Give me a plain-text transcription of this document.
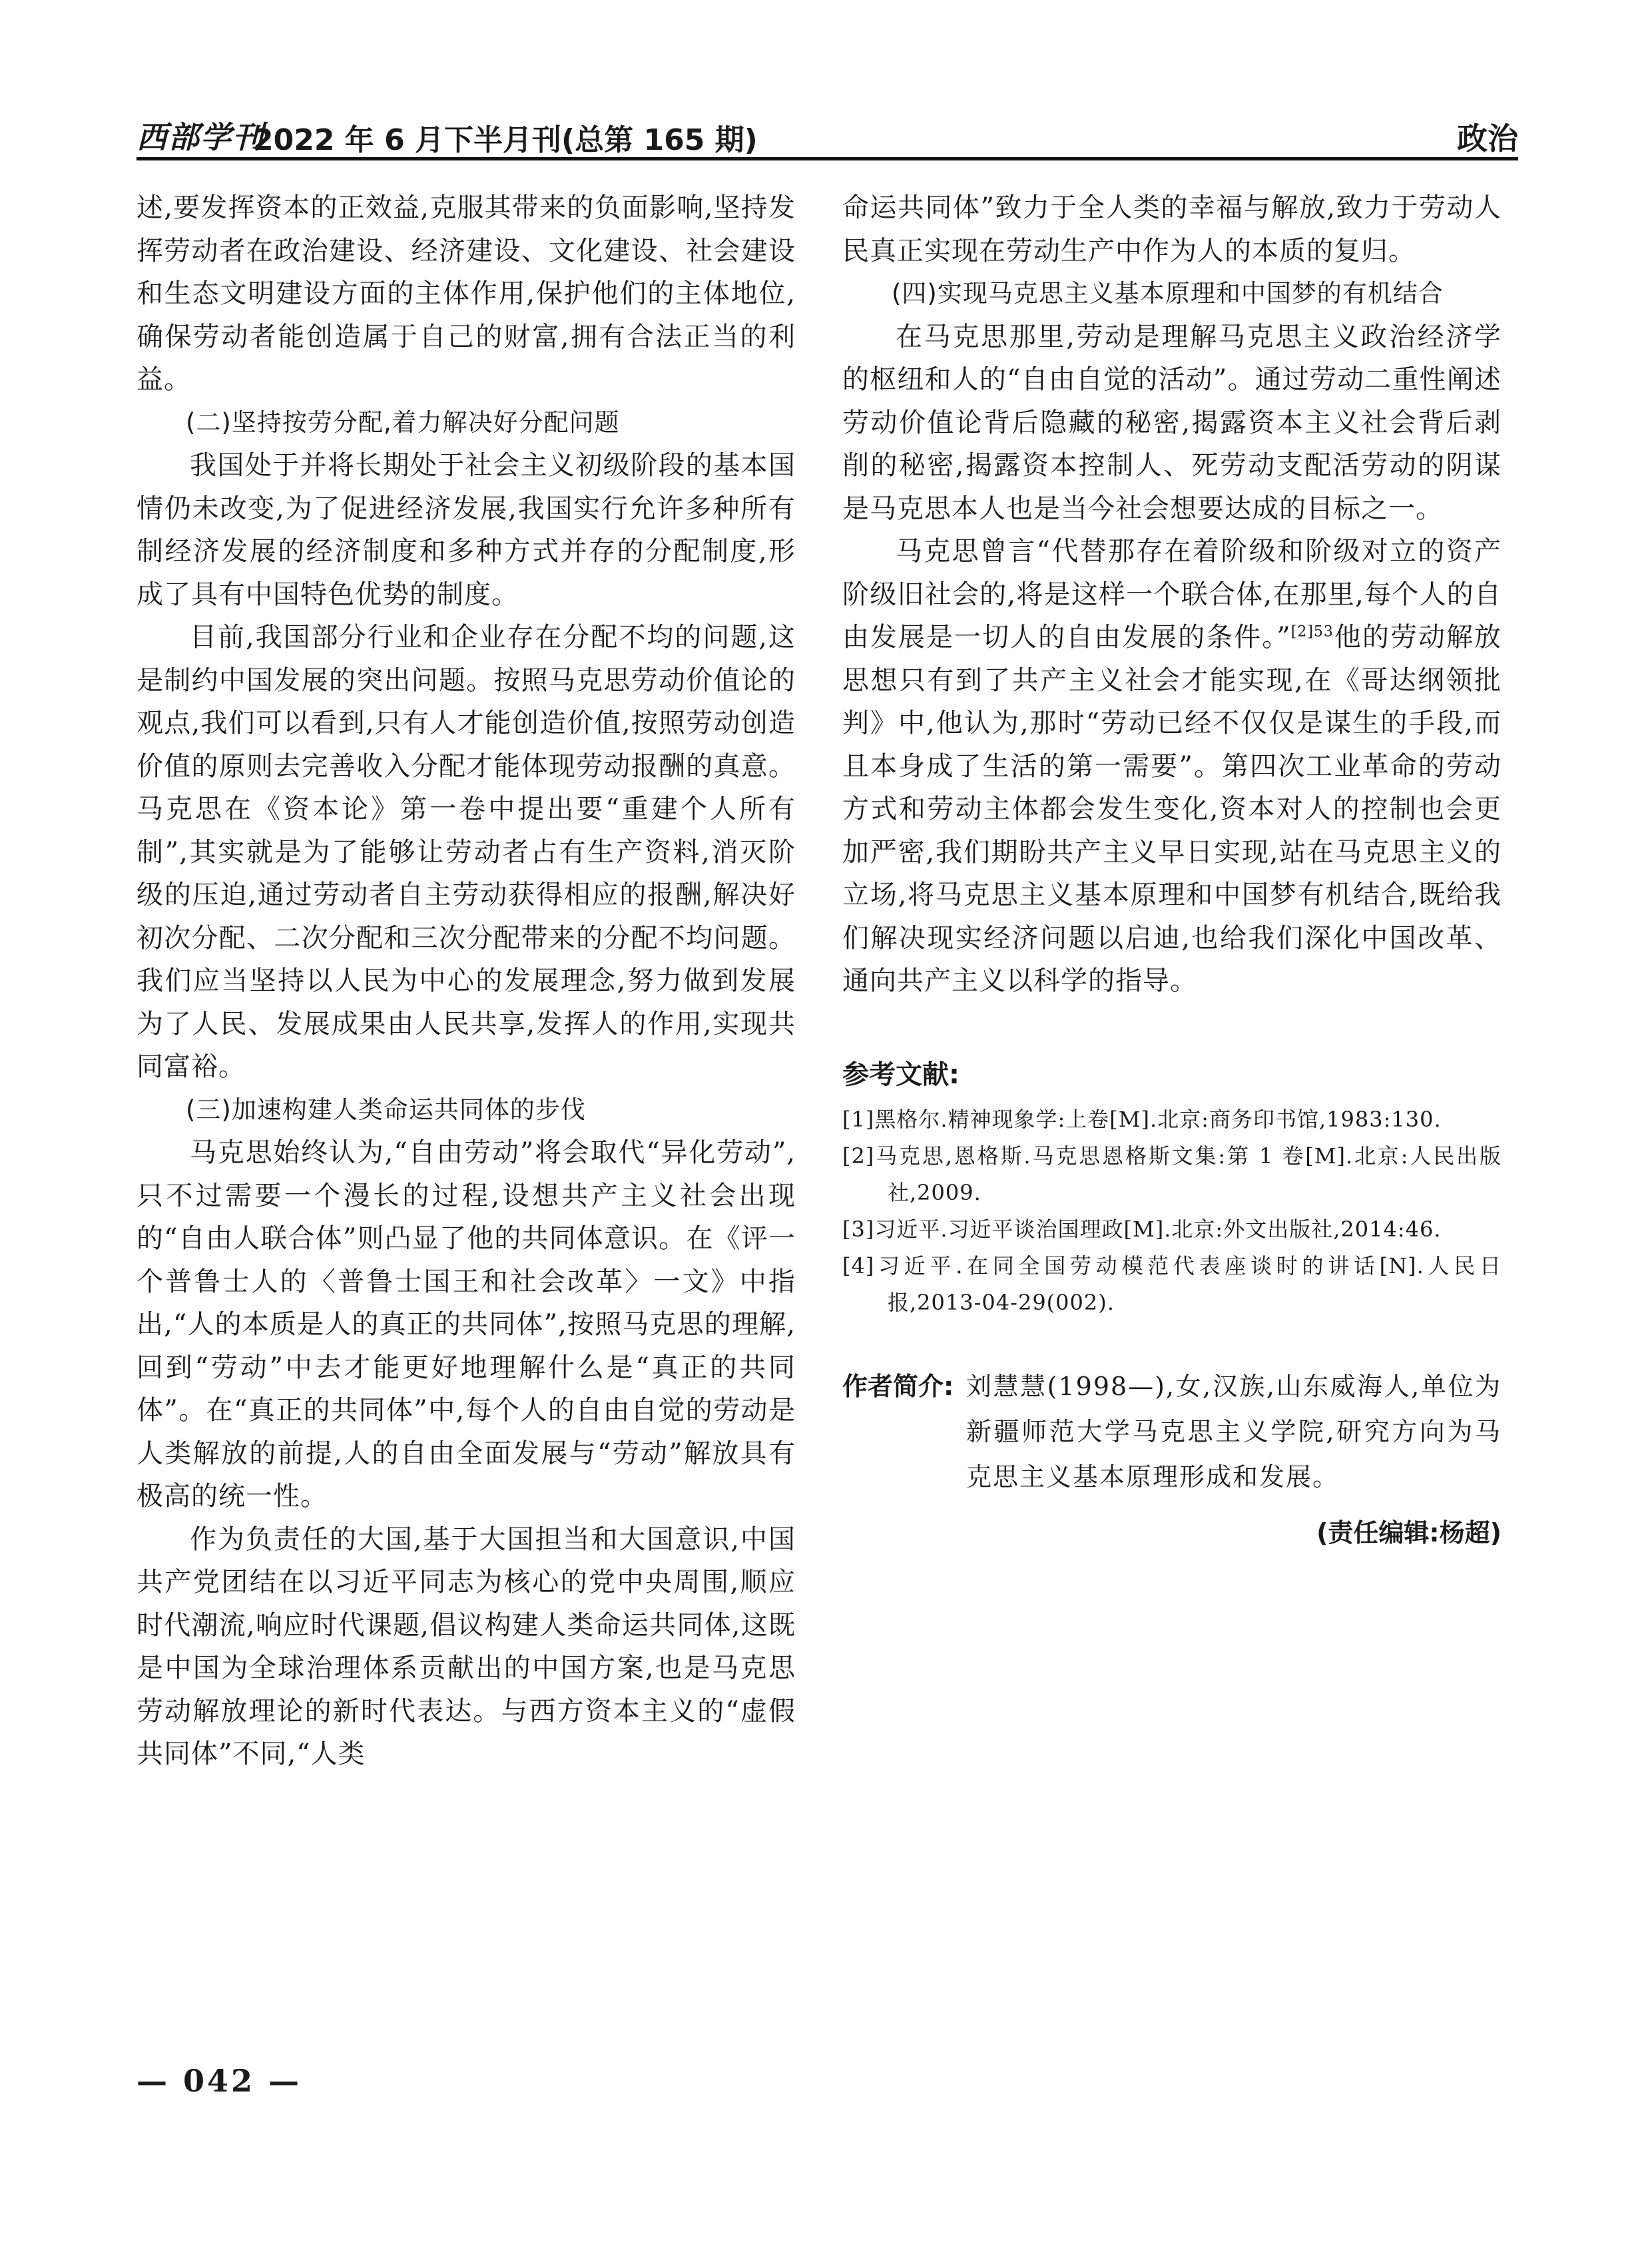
西部学刊
2022 年 6 月下半月刊(总第 165 期)	政治

述,要发挥资本的正效益,克服其带来的负面影响,坚持发挥劳动者在政治建设、经济建设、文化建设、社会建设和生态文明建设方面的主体作用,保护他们的主体地位,确保劳动者能创造属于自己的财富,拥有合法正当的利益。

(二)坚持按劳分配,着力解决好分配问题

我国处于并将长期处于社会主义初级阶段的基本国情仍未改变,为了促进经济发展,我国实行允许多种所有制经济发展的经济制度和多种方式并存的分配制度,形成了具有中国特色优势的制度。

目前,我国部分行业和企业存在分配不均的问题,这是制约中国发展的突出问题。按照马克思劳动价值论的观点,我们可以看到,只有人才能创造价值,按照劳动创造价值的原则去完善收入分配才能体现劳动报酬的真意。马克思在《资本论》第一卷中提出要“重建个人所有制”,其实就是为了能够让劳动者占有生产资料,消灭阶级的压迫,通过劳动者自主劳动获得相应的报酬,解决好初次分配、二次分配和三次分配带来的分配不均问题。我们应当坚持以人民为中心的发展理念,努力做到发展为了人民、发展成果由人民共享,发挥人的作用,实现共同富裕。

(三)加速构建人类命运共同体的步伐

马克思始终认为,“自由劳动”将会取代“异化劳动”,只不过需要一个漫长的过程,设想共产主义社会出现的“自由人联合体”则凸显了他的共同体意识。在《评一个普鲁士人的〈普鲁士国王和社会改革〉一文》中指出,“人的本质是人的真正的共同体”,按照马克思的理解,回到“劳动”中去才能更好地理解什么是“真正的共同体”。在“真正的共同体”中,每个人的自由自觉的劳动是人类解放的前提,人的自由全面发展与“劳动”解放具有极高的统一性。

作为负责任的大国,基于大国担当和大国意识,中国共产党团结在以习近平同志为核心的党中央周围,顺应时代潮流,响应时代课题,倡议构建人类命运共同体,这既是中国为全球治理体系贡献出的中国方案,也是马克思劳动解放理论的新时代表达。与西方资本主义的“虚假共同体”不同,“人类

命运共同体”致力于全人类的幸福与解放,致力于劳动人民真正实现在劳动生产中作为人的本质的复归。

(四)实现马克思主义基本原理和中国梦的有机结合

在马克思那里,劳动是理解马克思主义政治经济学的枢纽和人的“自由自觉的活动”。通过劳动二重性阐述劳动价值论背后隐藏的秘密,揭露资本主义社会背后剥削的秘密,揭露资本控制人、死劳动支配活劳动的阴谋是马克思本人也是当今社会想要达成的目标之一。

马克思曾言“代替那存在着阶级和阶级对立的资产阶级旧社会的,将是这样一个联合体,在那里,每个人的自由发展是一切人的自由发展的条件。”$^{[2]53}$他的劳动解放思想只有到了共产主义社会才能实现,在《哥达纲领批判》中,他认为,那时“劳动已经不仅仅是谋生的手段,而且本身成了生活的第一需要”。第四次工业革命的劳动方式和劳动主体都会发生变化,资本对人的控制也会更加严密,我们期盼共产主义早日实现,站在马克思主义的立场,将马克思主义基本原理和中国梦有机结合,既给我们解决现实经济问题以启迪,也给我们深化中国改革、通向共产主义以科学的指导。

参考文献:

[1]黑格尔.精神现象学:上卷[M].北京:商务印书馆,1983:130.

[2]马克思,恩格斯.马克思恩格斯文集:第 1 卷[M].北京:人民出版社,2009.

[3]习近平.习近平谈治国理政[M].北京:外文出版社,2014:46.

[4]习近平.在同全国劳动模范代表座谈时的讲话[N].人民日报,2013-04-29(002).

作者简介: 刘慧慧(1998—),女,汉族,山东威海人,单位为新疆师范大学马克思主义学院,研究方向为马克思主义基本原理形成和发展。
(责任编辑:杨超)
— 042 —
